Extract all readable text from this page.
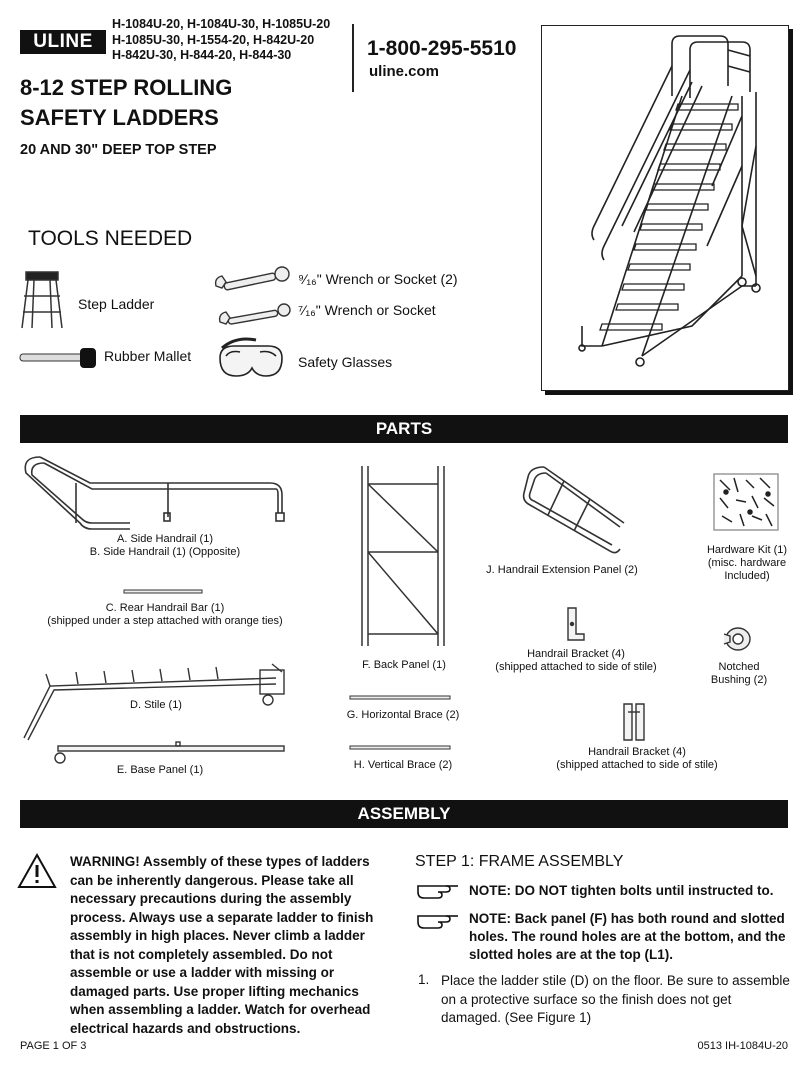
ULINE
H-1084U-20, H-1084U-30, H-1085U-20
H-1085U-30, H-1554-20, H-842U-20
H-842U-30, H-844-20, H-844-30	1-800-295-5510
uline.com
8-12 STEP ROLLING
SAFETY LADDERS
20 AND 30" DEEP TOP STEP
TOOLS NEEDED
Step Ladder
Rubber Mallet
⁹⁄₁₆" Wrench or Socket (2)
⁷⁄₁₆" Wrench or Socket
Safety Glasses
PARTS
A. Side Handrail (1)
B. Side Handrail (1) (Opposite)
C. Rear Handrail Bar (1)
(shipped under a step attached with orange ties)
D. Stile (1)
E. Base Panel (1)
F. Back Panel (1)
G. Horizontal Brace (2)
H. Vertical Brace (2)
J. Handrail Extension Panel (2)
Hardware Kit (1)
(misc. hardware
Included)
Handrail Bracket (4)
(shipped attached to side of stile)	Notched
Bushing (2)
Handrail Bracket (4)
(shipped attached to side of stile)
ASSEMBLY
WARNING! Assembly of these types of ladders can be inherently dangerous. Please take all necessary precautions during the assembly process. Always use a separate ladder to finish assembly in high places. Never climb a ladder that is not completely assembled. Do not assemble or use a ladder with missing or damaged parts. Use proper lifting mechanics when assembling a ladder. Watch for overhead electrical hazards and obstructions.
STEP 1: FRAME ASSEMBLY
NOTE: DO NOT tighten bolts until instructed to.
NOTE: Back panel (F) has both round and slotted holes. The round holes are at the bottom, and the slotted holes are at the top (L1).
1. Place the ladder stile (D) on the floor. Be sure to assemble on a protective surface so the finish does not get damaged. (See Figure 1)
PAGE 1 OF 3	0513 IH-1084U-20
